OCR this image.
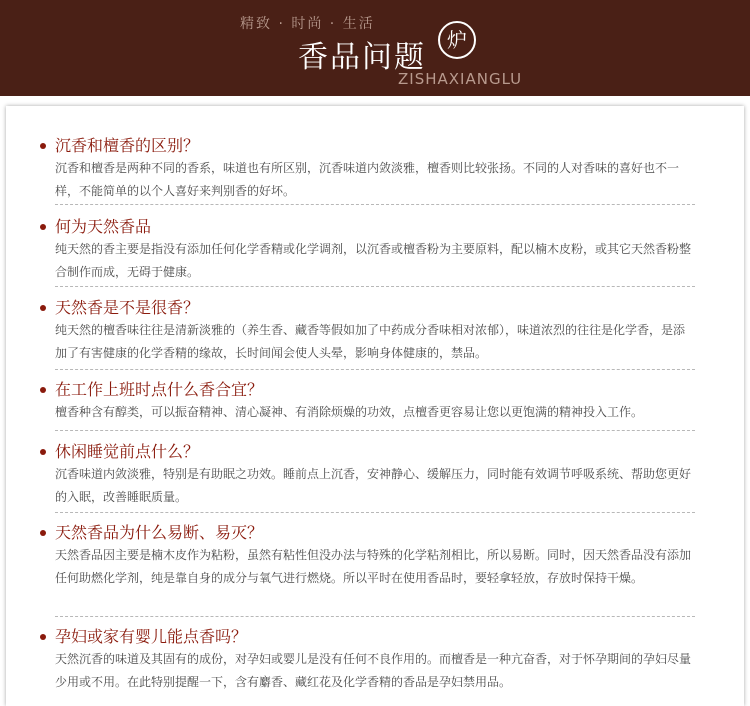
精致 · 时尚 · 生活
香品问题 炉
ZISHAXIANGLU
沉香和檀香的区别？
沉香和檀香是两种不同的香系，味道也有所区别，沉香味道内敛淡雅，檀香则比较张扬。不同的人对香味的喜好也不一样，不能简单的以个人喜好来判别香的好坏。
何为天然香品
纯天然的香主要是指没有添加任何化学香精或化学调剂，以沉香或檀香粉为主要原料，配以楠木皮粉，或其它天然香粉整合制作而成，无碍于健康。
天然香是不是很香？
纯天然的檀香味往往是清新淡雅的（养生香、藏香等假如加了中药成分香味相对浓郁），味道浓烈的往往是化学香，是添加了有害健康的化学香精的缘故，长时间闻会使人头晕，影响身体健康的，禁品。
在工作上班时点什么香合宜？
檀香种含有醇类，可以振奋精神、清心凝神、有消除烦燥的功效，点檀香更容易让您以更饱满的精神投入工作。
休闲睡觉前点什么？
沉香味道内敛淡雅，特别是有助眠之功效。睡前点上沉香，安神静心、缓解压力，同时能有效调节呼吸系统、帮助您更好的入眠，改善睡眠质量。
天然香品为什么易断、易灭？
天然香品因主要是楠木皮作为粘粉，虽然有粘性但没办法与特殊的化学粘剂相比，所以易断。同时，因天然香品没有添加任何助燃化学剂，纯是靠自身的成分与氧气进行燃烧。所以平时在使用香品时，要轻拿轻放，存放时保持干燥。
孕妇或家有婴儿能点香吗？
天然沉香的味道及其固有的成份，对孕妇或婴儿是没有任何不良作用的。而檀香是一种亢奋香，对于怀孕期间的孕妇尽量少用或不用。在此特别提醒一下，含有麝香、藏红花及化学香精的香品是孕妇禁用品。
